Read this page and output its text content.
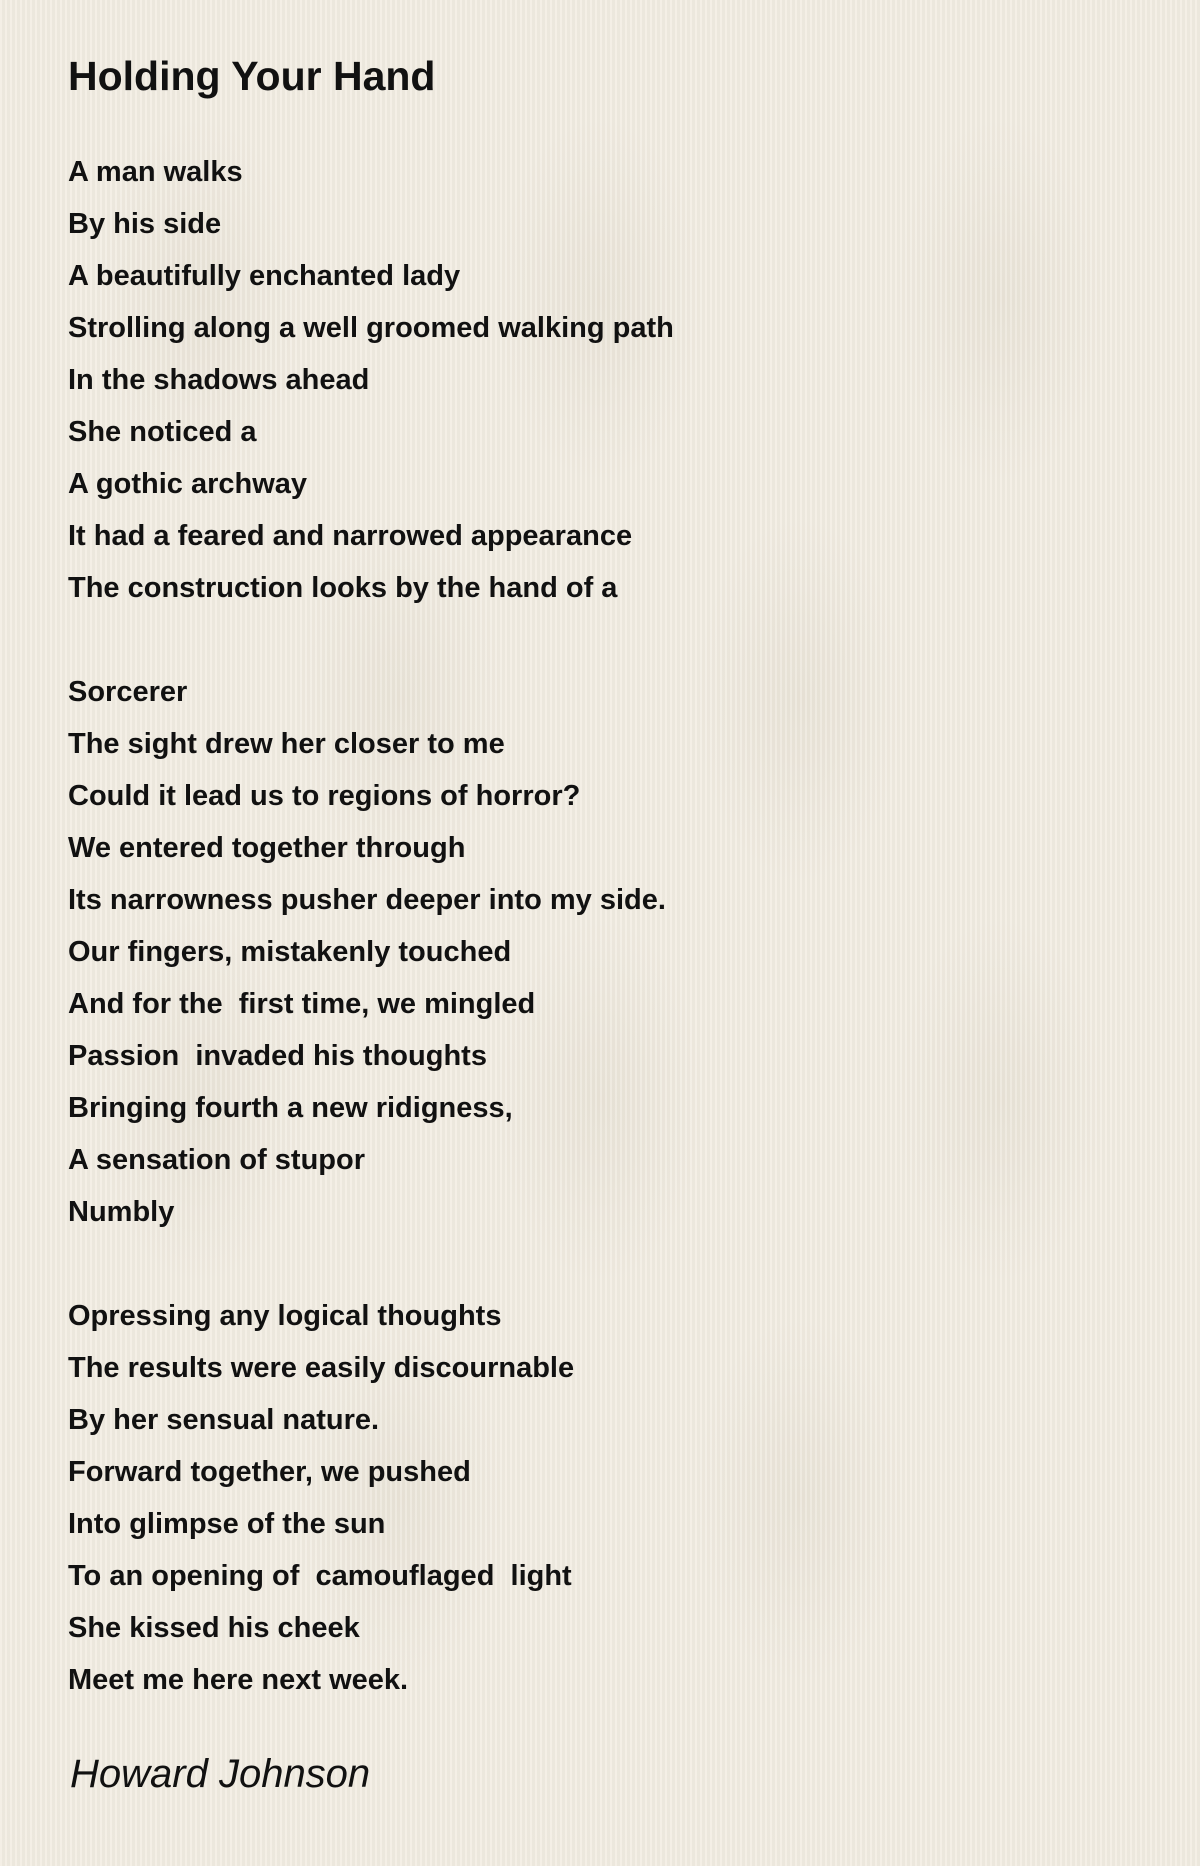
Holding Your Hand
A man walks
By his side
A beautifully enchanted lady
Strolling along a well groomed walking path
In the shadows ahead
She noticed a
A gothic archway
It had a feared and narrowed appearance
The construction looks by the hand of a
Sorcerer
The sight drew her closer to me
Could it lead us to regions of horror?
We entered together through
Its narrowness pusher deeper into my side.
Our fingers, mistakenly touched
And for the  first time, we mingled
Passion  invaded his thoughts
Bringing fourth a new ridigness,
A sensation of stupor
Numbly
Opressing any logical thoughts
The results were easily discournable
By her sensual nature.
Forward together, we pushed
Into glimpse of the sun
To an opening of  camouflaged  light
She kissed his cheek
Meet me here next week.
Howard Johnson
